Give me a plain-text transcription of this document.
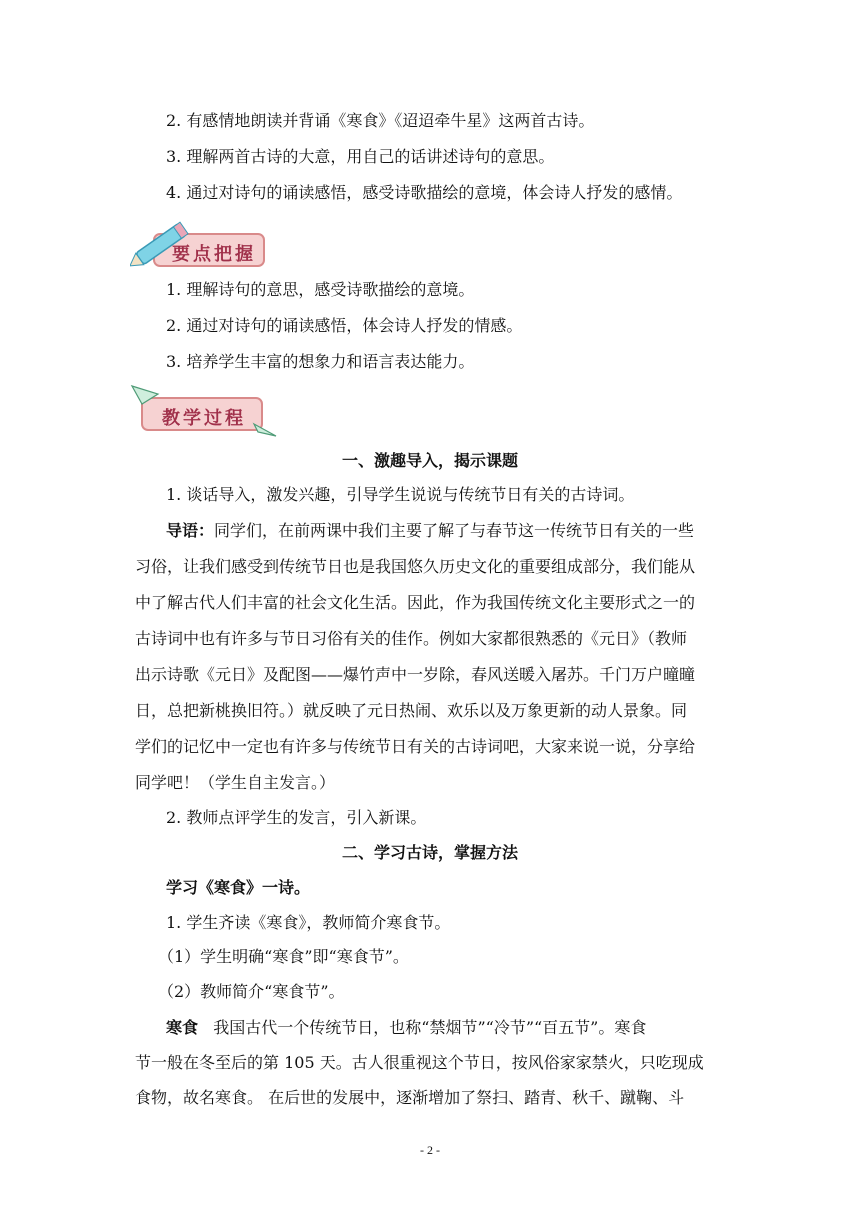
2. 有感情地朗读并背诵《寒食》《迢迢牵牛星》这两首古诗。
3. 理解两首古诗的大意，用自己的话讲述诗句的意思。
4. 通过对诗句的诵读感悟，感受诗歌描绘的意境，体会诗人抒发的感情。
要点把握
1. 理解诗句的意思，感受诗歌描绘的意境。
2. 通过对诗句的诵读感悟，体会诗人抒发的情感。
3. 培养学生丰富的想象力和语言表达能力。
教学过程
一、激趣导入，揭示课题
1. 谈话导入，激发兴趣，引导学生说说与传统节日有关的古诗词。
导语：同学们，在前两课中我们主要了解了与春节这一传统节日有关的一些
习俗，让我们感受到传统节日也是我国悠久历史文化的重要组成部分，我们能从
中了解古代人们丰富的社会文化生活。因此，作为我国传统文化主要形式之一的
古诗词中也有许多与节日习俗有关的佳作。例如大家都很熟悉的《元日》（教师
出示诗歌《元日》及配图——爆竹声中一岁除，春风送暖入屠苏。千门万户曈曈
日，总把新桃换旧符。）就反映了元日热闹、欢乐以及万象更新的动人景象。同
学们的记忆中一定也有许多与传统节日有关的古诗词吧，大家来说一说，分享给
同学吧！（学生自主发言。）
2. 教师点评学生的发言，引入新课。
二、学习古诗，掌握方法
学习《寒食》一诗。
1. 学生齐读《寒食》，教师简介寒食节。
（1）学生明确“寒食”即“寒食节”。
（2）教师简介“寒食节”。
寒食 我国古代一个传统节日，也称“禁烟节”“冷节”“百五节”。寒食
节一般在冬至后的第 105 天。古人很重视这个节日，按风俗家家禁火，只吃现成
食物，故名寒食。 在后世的发展中，逐渐增加了祭扫、踏青、秋千、蹴鞠、斗
- 2 -
